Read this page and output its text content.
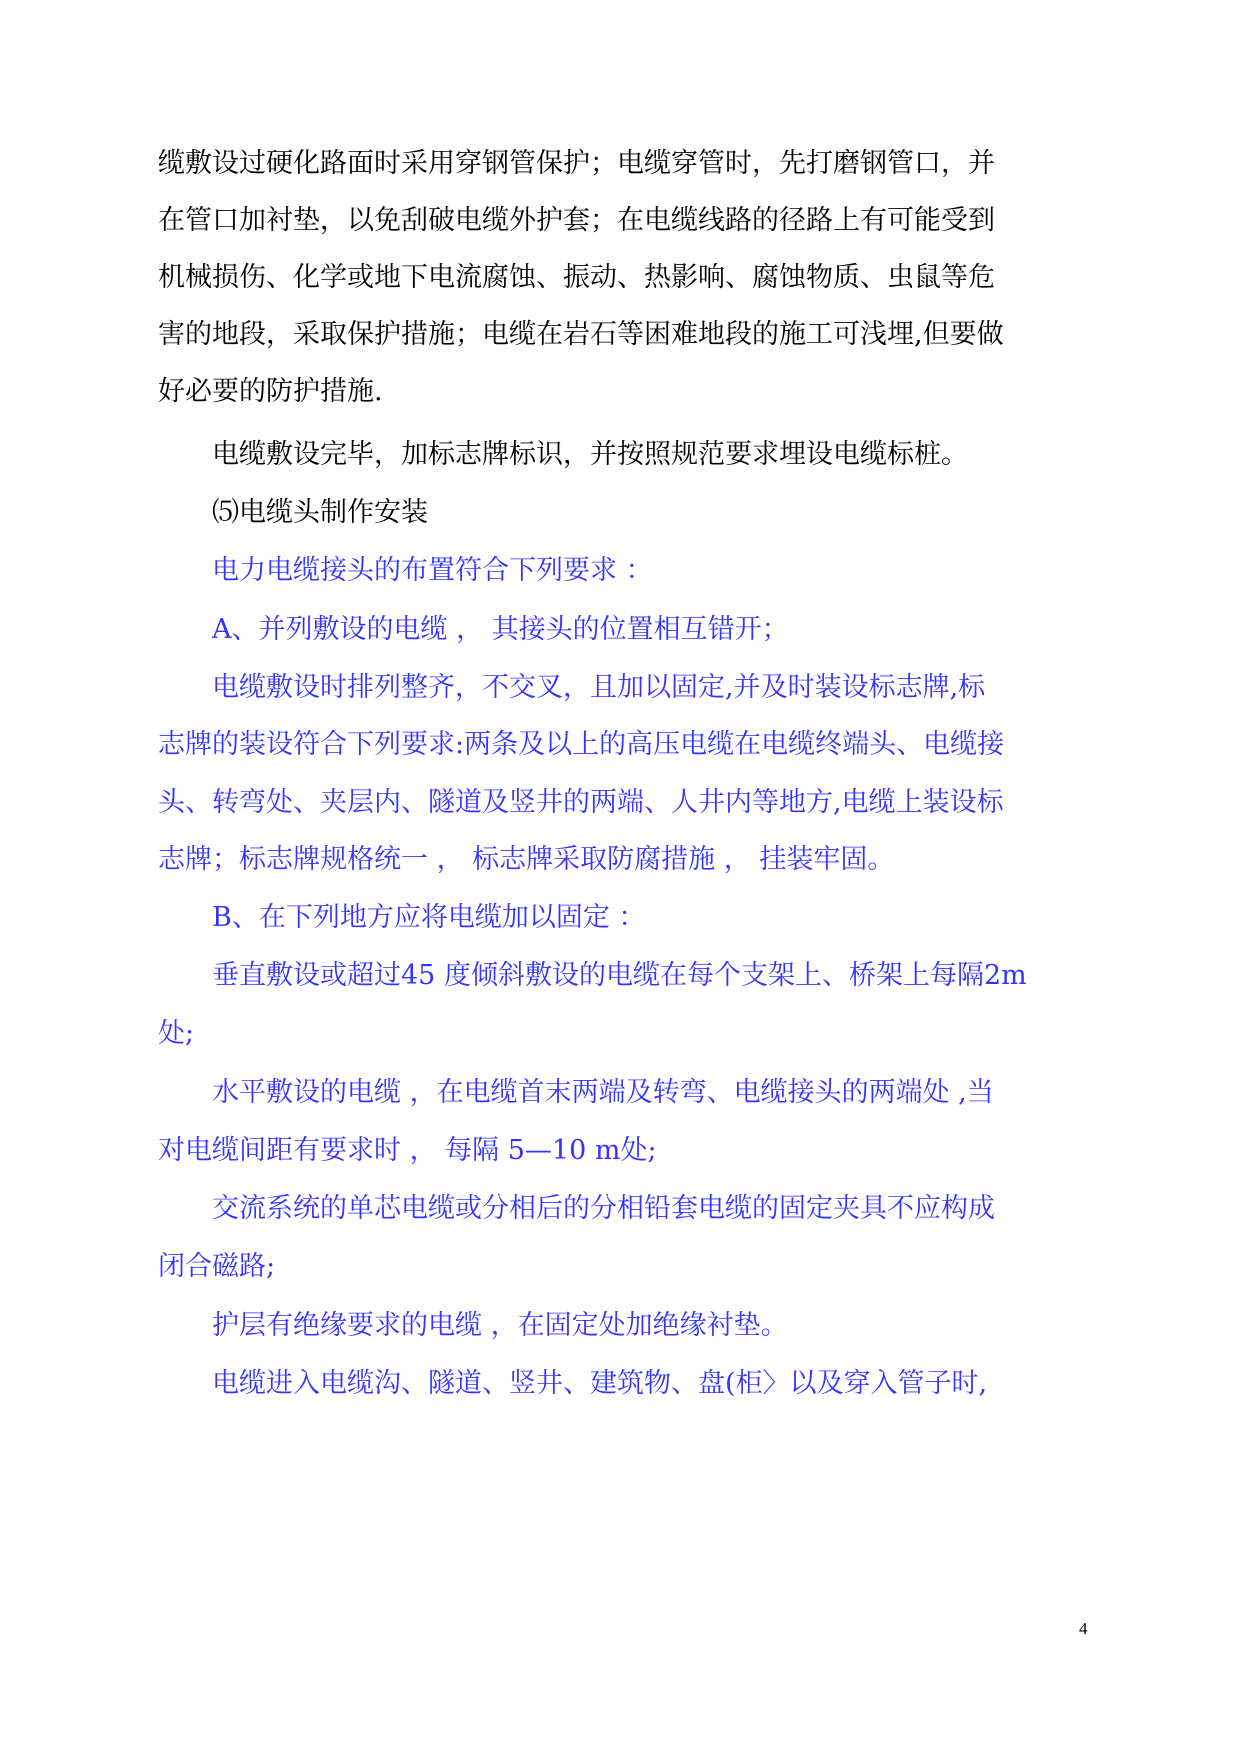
缆敷设过硬化路面时采用穿钢管保护；电缆穿管时，先打磨钢管口，并
在管口加衬垫，以免刮破电缆外护套；在电缆线路的径路上有可能受到
机械损伤、化学或地下电流腐蚀、振动、热影响、腐蚀物质、虫鼠等危
害的地段，采取保护措施；电缆在岩石等困难地段的施工可浅埋,但要做
好必要的防护措施.
电缆敷设完毕，加标志牌标识，并按照规范要求埋设电缆标桩。
⑸电缆头制作安装
电力电缆接头的布置符合下列要求 ：
A、并列敷设的电缆 ， 其接头的位置相互错开；
电缆敷设时排列整齐，不交叉，且加以固定,并及时装设标志牌,标
志牌的装设符合下列要求:两条及以上的高压电缆在电缆终端头、电缆接
头、转弯处、夹层内、隧道及竖井的两端、人井内等地方,电缆上装设标
志牌；标志牌规格统一 ， 标志牌采取防腐措施 ， 挂装牢固。
B、在下列地方应将电缆加以固定 ：
垂直敷设或超过45 度倾斜敷设的电缆在每个支架上、桥架上每隔2m
处;
水平敷设的电缆 ，在电缆首末两端及转弯、电缆接头的两端处 ,当
对电缆间距有要求时 ， 每隔 5—10 m处;
交流系统的单芯电缆或分相后的分相铅套电缆的固定夹具不应构成
闭合磁路;
护层有绝缘要求的电缆 ，在固定处加绝缘衬垫。
电缆进入电缆沟、隧道、竖井、建筑物、盘(柜〉以及穿入管子时,
4
